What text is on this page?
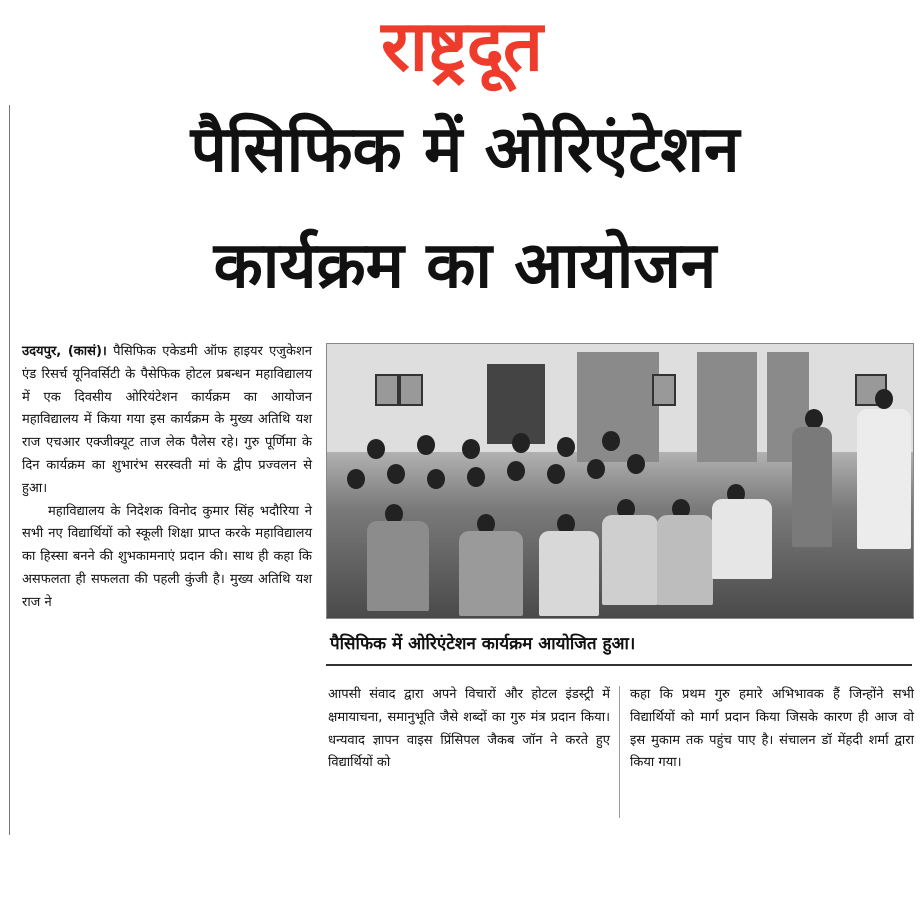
राष्ट्रदूत
पैसिफिक में ओरिएंटेशन
कार्यक्रम का आयोजन

उदयपुर, (कासं)। पैसिफिक एकेडमी ऑफ हाइयर एजुकेशन एंड रिसर्च यूनिवर्सिटी के पैसेफिक होटल प्रबन्धन महाविद्यालय में एक दिवसीय ओरियंटेशन कार्यक्रम का आयोजन महाविद्यालय में किया गया इस कार्यक्रम के मुख्य अतिथि यश राज एचआर एक्जीक्यूट ताज लेक पैलेस रहे। गुरु पूर्णिमा के दिन कार्यक्रम का शुभारंभ सरस्वती मां के द्वीप प्रज्वलन से हुआ।

महाविद्यालय के निदेशक विनोद कुमार सिंह भदौरिया ने सभी नए विद्यार्थियों को स्कूली शिक्षा प्राप्त करके महाविद्यालय का हिस्सा बनने की शुभकामनाएं प्रदान की। साथ ही कहा कि असफलता ही सफलता की पहली कुंजी है। मुख्य अतिथि यश राज ने

पैसिफिक में ओरिएंटेशन कार्यक्रम आयोजित हुआ।

आपसी संवाद द्वारा अपने विचारों और होटल इंडस्ट्री में क्षमायाचना, समानुभूति जैसे शब्दों का गुरु मंत्र प्रदान किया।धन्यवाद ज्ञापन वाइस प्रिंसिपल जैकब जॉन ने करते हुए विद्यार्थियों को

कहा कि प्रथम गुरु हमारे अभिभावक हैं जिन्होंने सभी विद्यार्थियों को मार्ग प्रदान किया जिसके कारण ही आज वो इस मुकाम तक पहुंच पाए है। संचालन डॉ मेंहदी शर्मा द्वारा किया गया।
